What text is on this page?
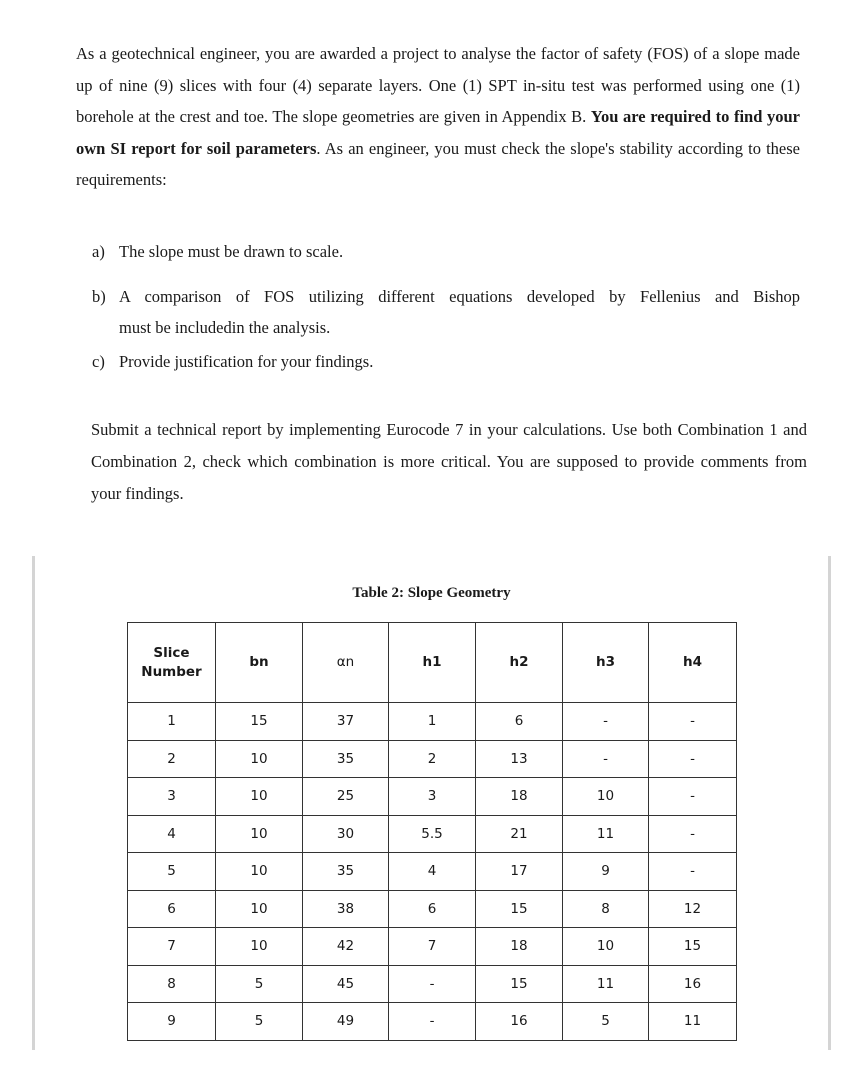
As a geotechnical engineer, you are awarded a project to analyse the factor of safety (FOS) of a slope made up of nine (9) slices with four (4) separate layers. One (1) SPT in-situ test was performed using one (1) borehole at the crest and toe. The slope geometries are given in Appendix B. You are required to find your own SI report for soil parameters. As an engineer, you must check the slope's stability according to these requirements:

a) The slope must be drawn to scale.

b) A comparison of FOS utilizing different equations developed by Fellenius and Bishop
must be includedin the analysis.

c) Provide justification for your findings.

Submit a technical report by implementing Eurocode 7 in your calculations. Use both Combination 1 and Combination 2, check which combination is more critical. You are supposed to provide comments from your findings.

Table 2: Slope Geometry
Slice
Number	bn	αn	h1	h2	h3	h4
1	15	37	1	6	-	-
2	10	35	2	13	-	-
3	10	25	3	18	10	-
4	10	30	5.5	21	11	-
5	10	35	4	17	9	-
6	10	38	6	15	8	12
7	10	42	7	18	10	15
8	5	45	-	15	11	16
9	5	49	-	16	5	11
